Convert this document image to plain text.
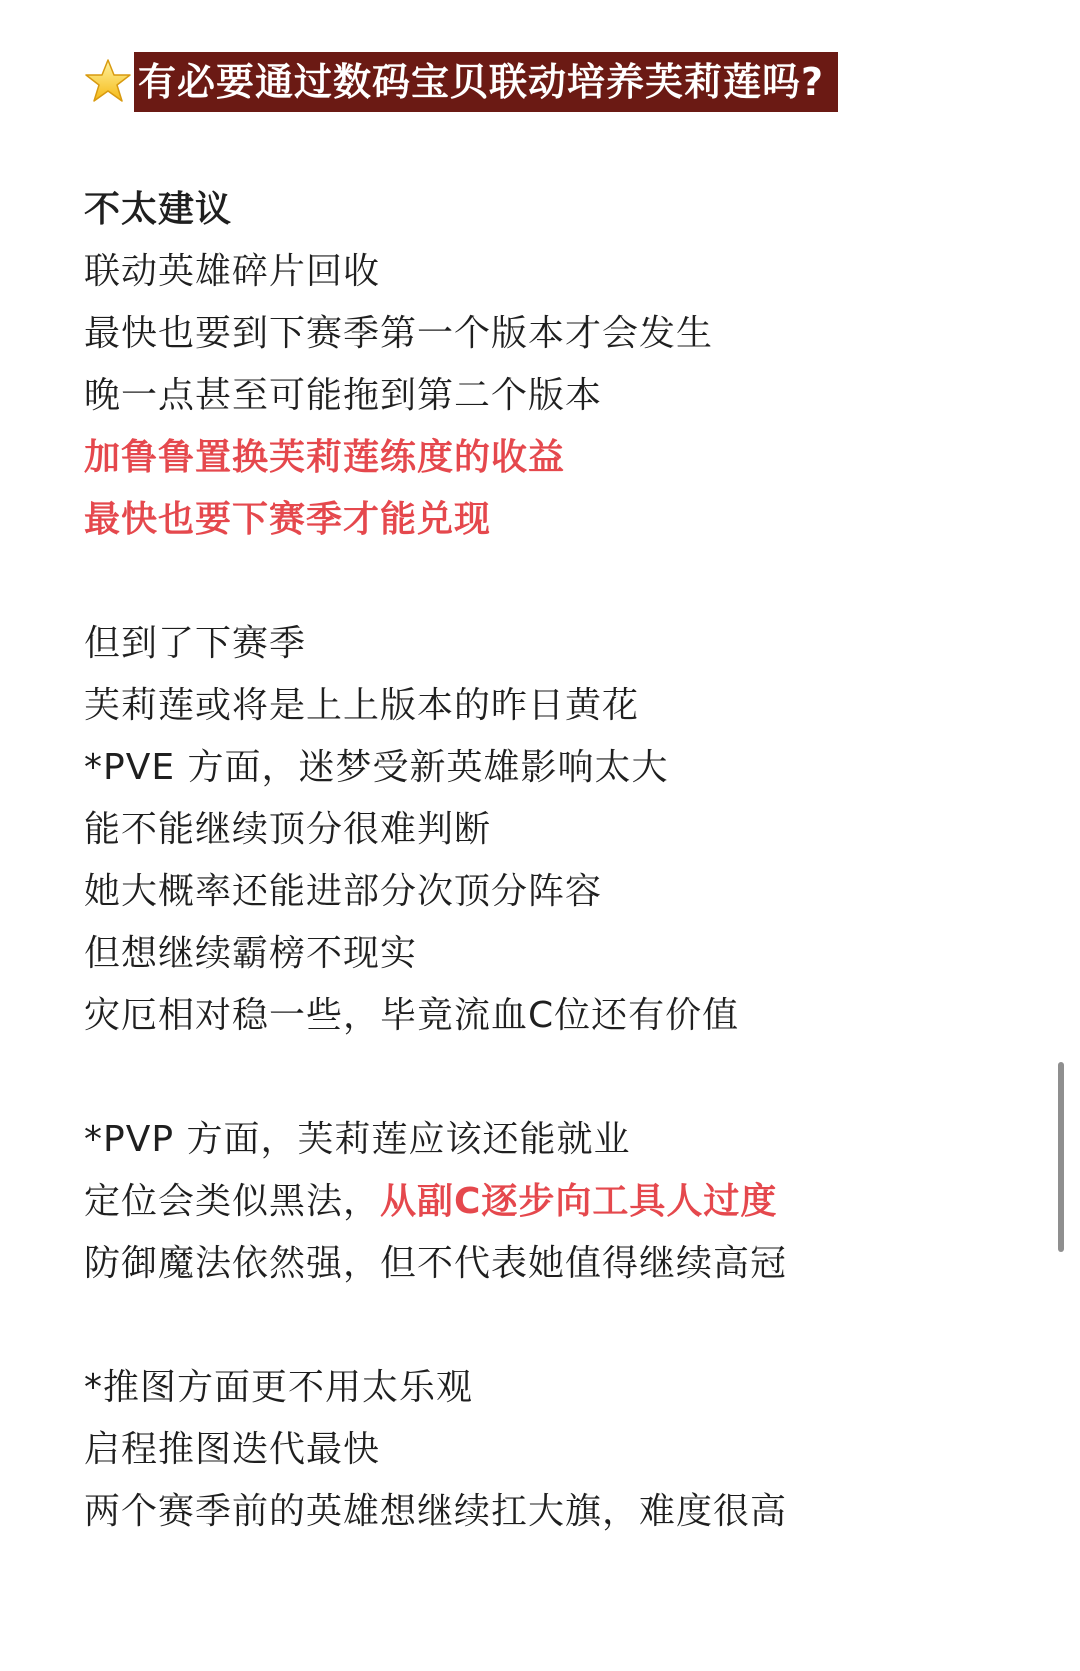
有必要通过数码宝贝联动培养芙莉莲吗?
不太建议
联动英雄碎片回收
最快也要到下赛季第一个版本才会发生
晚一点甚至可能拖到第二个版本
加鲁鲁置换芙莉莲练度的收益
最快也要下赛季才能兑现
但到了下赛季
芙莉莲或将是上上版本的昨日黄花
*PVE 方面，迷梦受新英雄影响太大
能不能继续顶分很难判断
她大概率还能进部分次顶分阵容
但想继续霸榜不现实
灾厄相对稳一些，毕竟流血C位还有价值
*PVP 方面，芙莉莲应该还能就业
定位会类似黑法，从副C逐步向工具人过度
防御魔法依然强，但不代表她值得继续高冠
*推图方面更不用太乐观
启程推图迭代最快
两个赛季前的英雄想继续扛大旗，难度很高
